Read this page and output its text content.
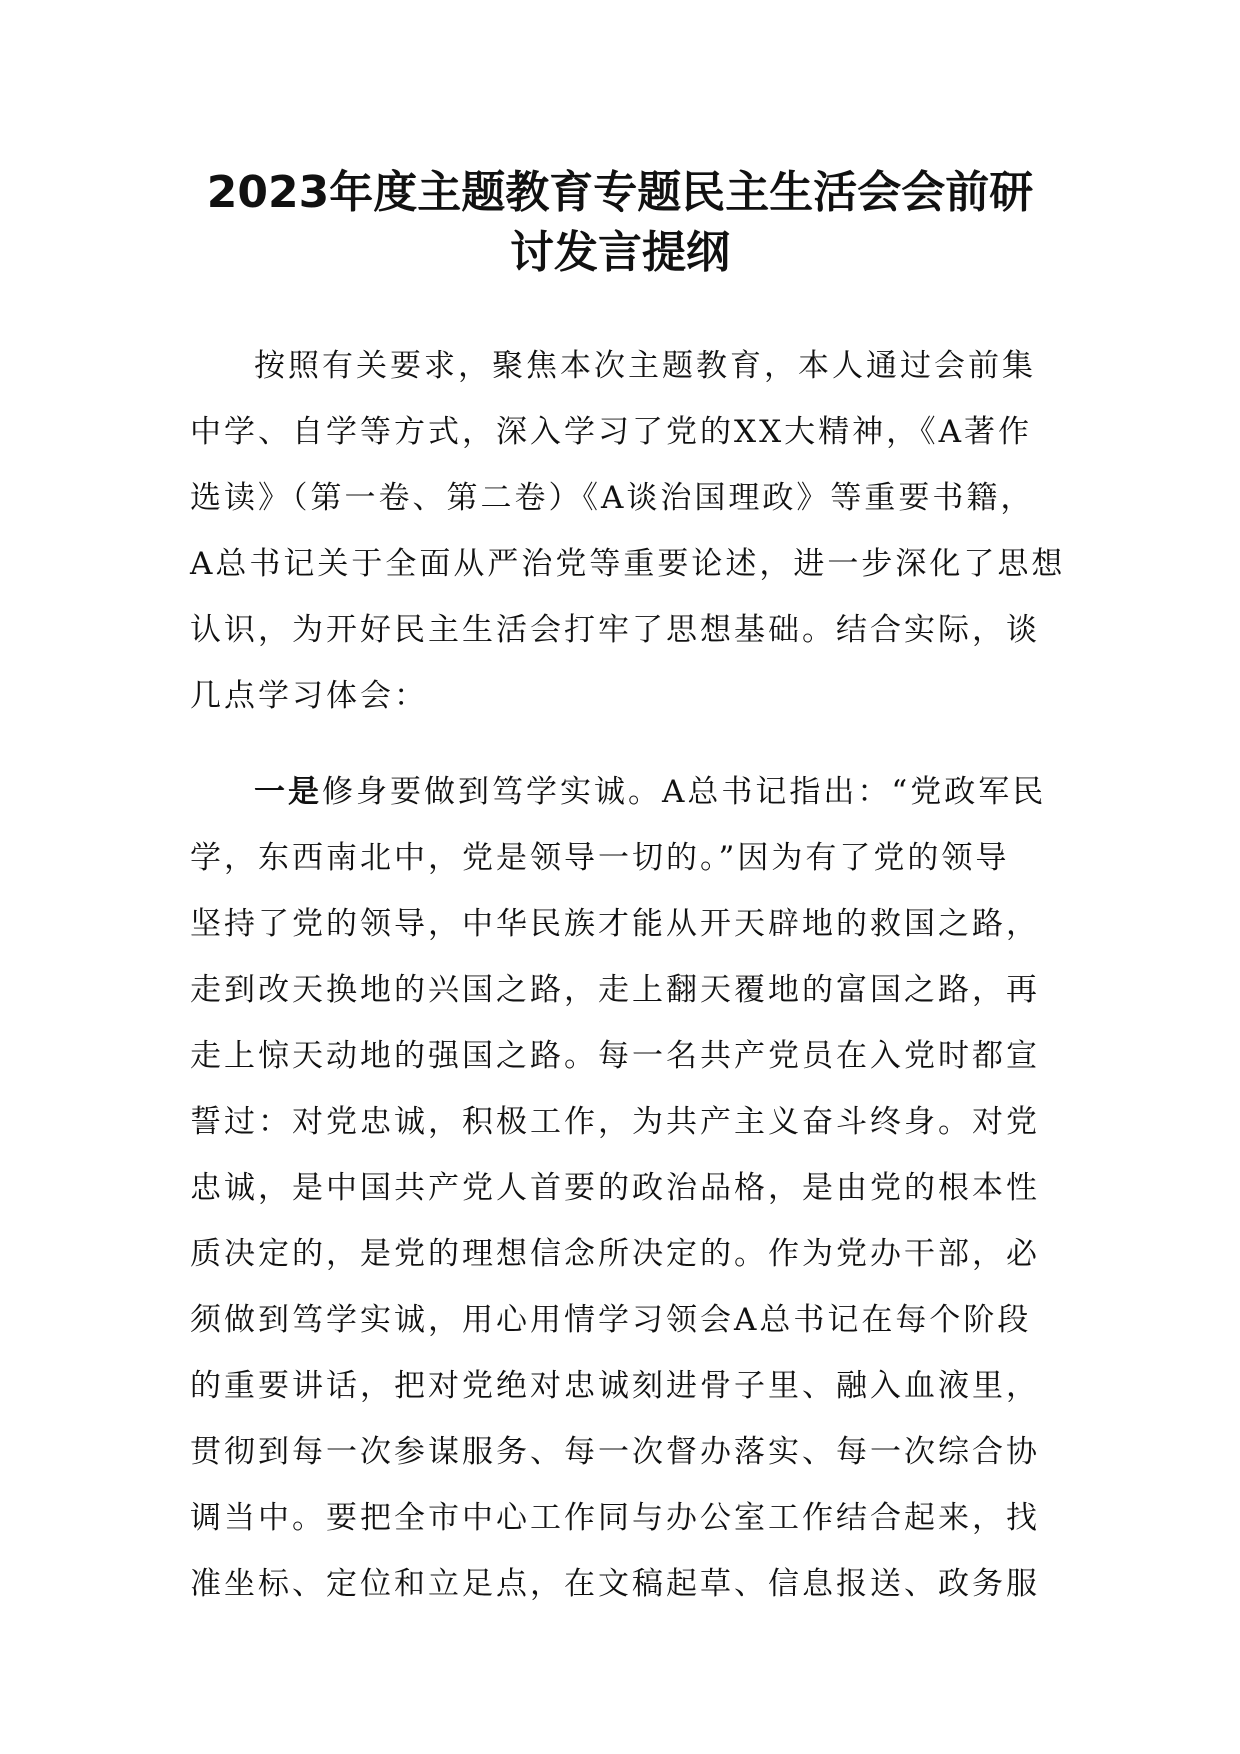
2023年度主题教育专题民主生活会会前研
讨发言提纲

按照有关要求，聚焦本次主题教育，本人通过会前集
中学、自学等方式，深入学习了党的XX大精神，《A著作
选读》（第一卷、第二卷）《A谈治国理政》等重要书籍，
A总书记关于全面从严治党等重要论述，进一步深化了思想
认识，为开好民主生活会打牢了思想基础。结合实际，谈
几点学习体会：

一是修身要做到笃学实诚。A总书记指出：“党政军民
学，东西南北中，党是领导一切的。”因为有了党的领导
坚持了党的领导，中华民族才能从开天辟地的救国之路，
走到改天换地的兴国之路，走上翻天覆地的富国之路，再
走上惊天动地的强国之路。每一名共产党员在入党时都宣
誓过：对党忠诚，积极工作，为共产主义奋斗终身。对党
忠诚，是中国共产党人首要的政治品格，是由党的根本性
质决定的，是党的理想信念所决定的。作为党办干部，必
须做到笃学实诚，用心用情学习领会A总书记在每个阶段
的重要讲话，把对党绝对忠诚刻进骨子里、融入血液里，
贯彻到每一次参谋服务、每一次督办落实、每一次综合协
调当中。要把全市中心工作同与办公室工作结合起来，找
准坐标、定位和立足点，在文稿起草、信息报送、政务服
